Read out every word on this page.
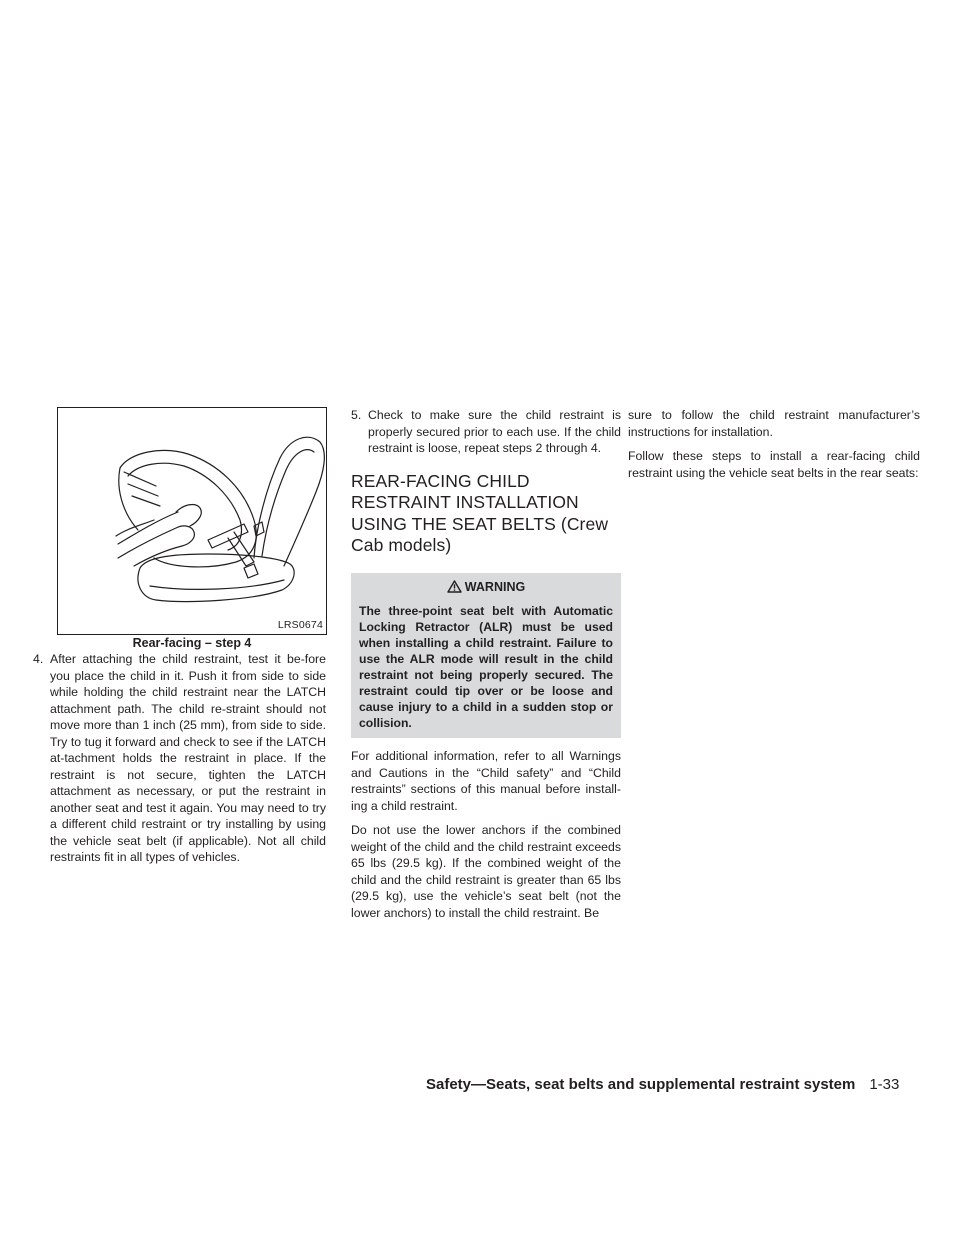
LRS0674
Rear-facing – step 4
4. After attaching the child restraint, test it be-fore you place the child in it. Push it from side to side while holding the child restraint near the LATCH attachment path. The child re-straint should not move more than 1 inch (25 mm), from side to side. Try to tug it forward and check to see if the LATCH at-tachment holds the restraint in place. If the restraint is not secure, tighten the LATCH attachment as necessary, or put the restraint in another seat and test it again. You may need to try a different child restraint or try installing by using the vehicle seat belt (if applicable). Not all child restraints fit in all types of vehicles.
5. Check to make sure the child restraint is properly secured prior to each use. If the child restraint is loose, repeat steps 2 through 4.
REAR-FACING CHILD RESTRAINT INSTALLATION USING THE SEAT BELTS (Crew Cab models)
WARNING
The three-point seat belt with Automatic Locking Retractor (ALR) must be used when installing a child restraint. Failure to use the ALR mode will result in the child restraint not being properly secured. The restraint could tip over or be loose and cause injury to a child in a sudden stop or collision.

For additional information, refer to all Warnings and Cautions in the “Child safety” and “Child restraints” sections of this manual before install-ing a child restraint.

Do not use the lower anchors if the combined weight of the child and the child restraint exceeds 65 lbs (29.5 kg). If the combined weight of the child and the child restraint is greater than 65 lbs (29.5 kg), use the vehicle’s seat belt (not the lower anchors) to install the child restraint. Be

sure to follow the child restraint manufacturer’s instructions for installation.

Follow these steps to install a rear-facing child restraint using the vehicle seat belts in the rear seats:

Safety—Seats, seat belts and supplemental restraint system 1-33
